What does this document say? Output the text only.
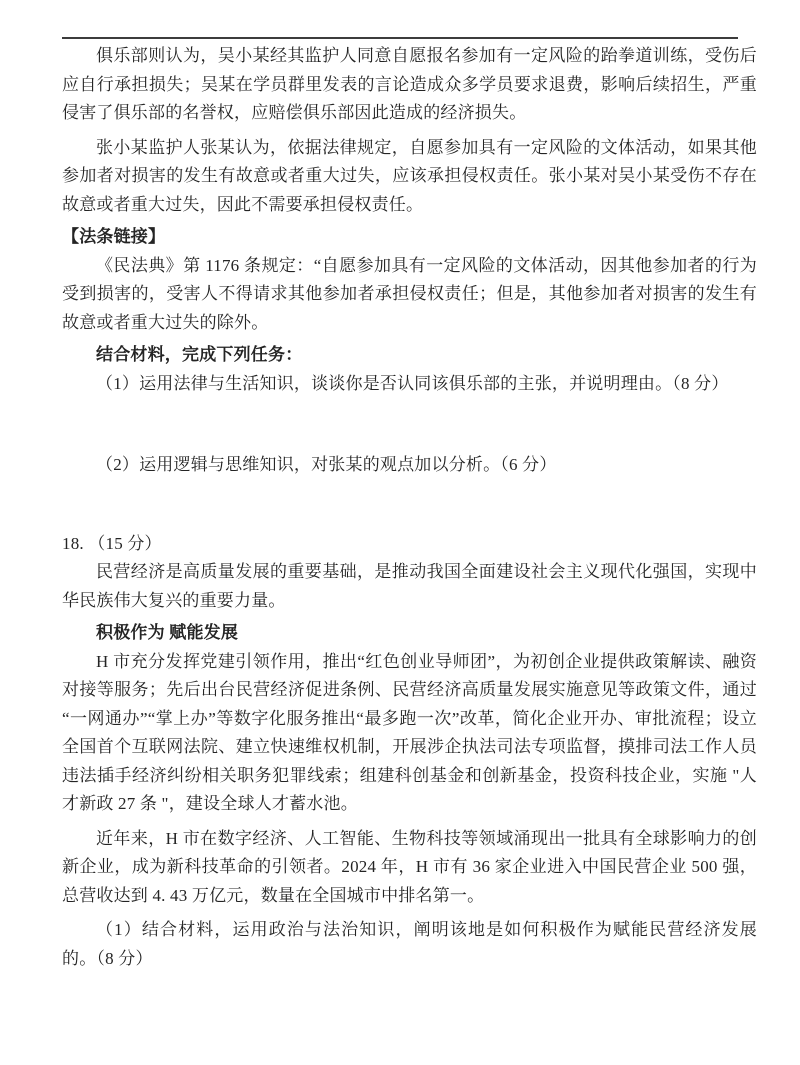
俱乐部则认为，吴小某经其监护人同意自愿报名参加有一定风险的跆拳道训练，受伤后应自行承担损失；吴某在学员群里发表的言论造成众多学员要求退费，影响后续招生，严重侵害了俱乐部的名誉权，应赔偿俱乐部因此造成的经济损失。

张小某监护人张某认为，依据法律规定，自愿参加具有一定风险的文体活动，如果其他参加者对损害的发生有故意或者重大过失，应该承担侵权责任。张小某对吴小某受伤不存在故意或者重大过失，因此不需要承担侵权责任。

【法条链接】

《民法典》第 1176 条规定：“自愿参加具有一定风险的文体活动，因其他参加者的行为受到损害的，受害人不得请求其他参加者承担侵权责任；但是，其他参加者对损害的发生有故意或者重大过失的除外。

结合材料，完成下列任务：

（1）运用法律与生活知识，谈谈你是否认同该俱乐部的主张，并说明理由。（8 分）

（2）运用逻辑与思维知识，对张某的观点加以分析。（6 分）

18. （15 分）

民营经济是高质量发展的重要基础，是推动我国全面建设社会主义现代化强国，实现中华民族伟大复兴的重要力量。

积极作为 赋能发展

H 市充分发挥党建引领作用，推出“红色创业导师团”，为初创企业提供政策解读、融资对接等服务；先后出台民营经济促进条例、民营经济高质量发展实施意见等政策文件，通过“一网通办”“掌上办”等数字化服务推出“最多跑一次”改革，简化企业开办、审批流程；设立全国首个互联网法院、建立快速维权机制，开展涉企执法司法专项监督，摸排司法工作人员违法插手经济纠纷相关职务犯罪线索；组建科创基金和创新基金，投资科技企业，实施 "人才新政 27 条 "，建设全球人才蓄水池。

近年来，H 市在数字经济、人工智能、生物科技等领域涌现出一批具有全球影响力的创新企业，成为新科技革命的引领者。2024 年，H 市有 36 家企业进入中国民营企业 500 强，总营收达到 4. 43 万亿元，数量在全国城市中排名第一。

（1）结合材料，运用政治与法治知识，阐明该地是如何积极作为赋能民营经济发展的。（8 分）
